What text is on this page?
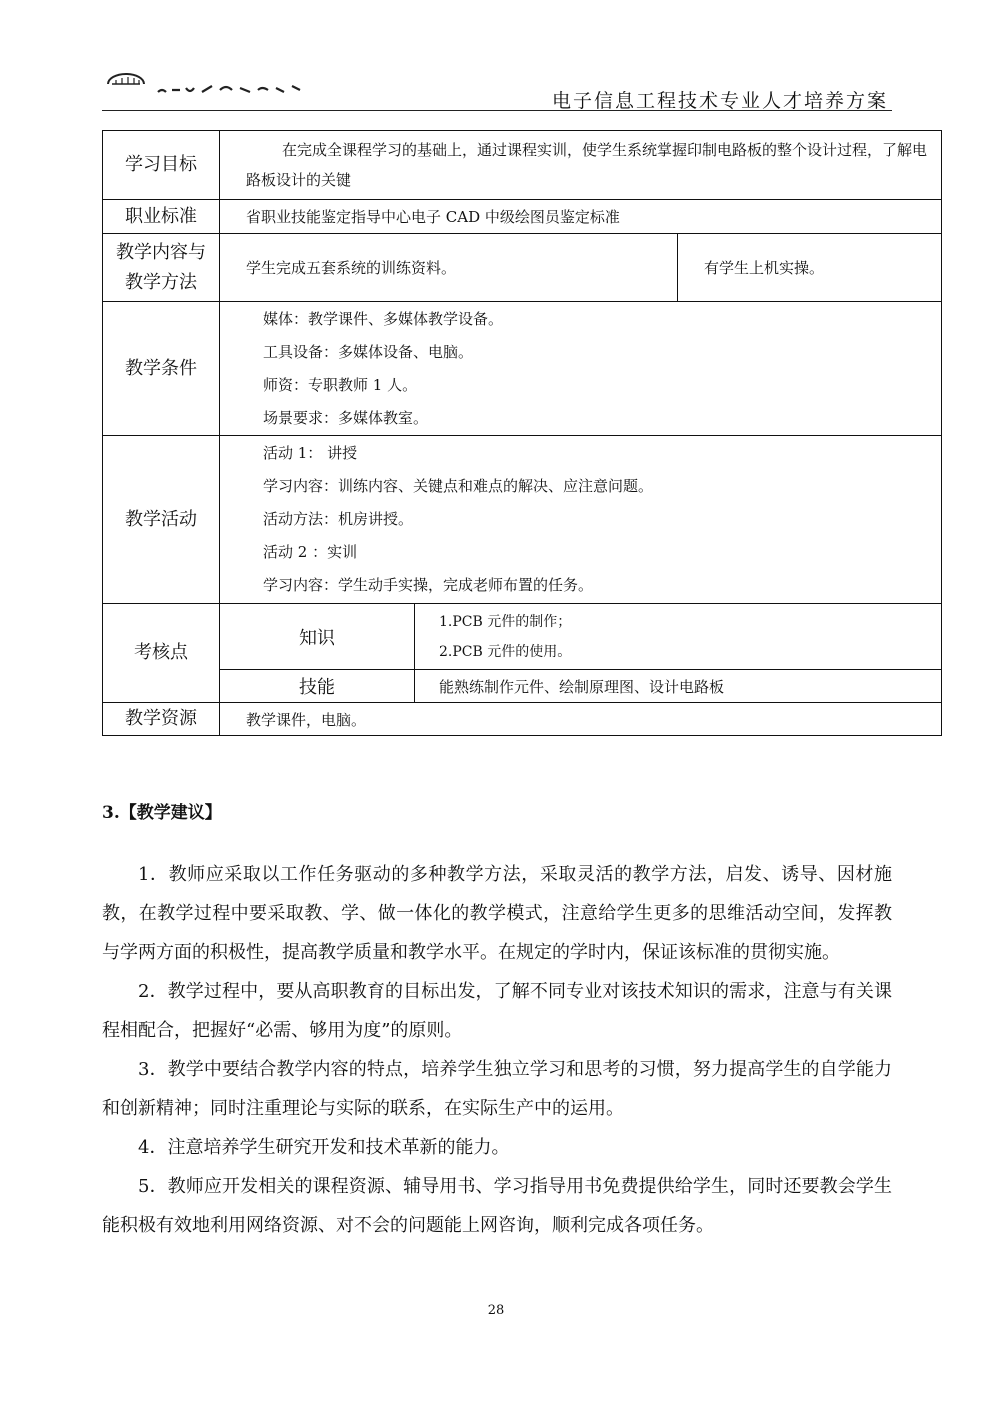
电子信息工程技术专业人才培养方案
学习目标	在完成全课程学习的基础上，通过课程实训，使学生系统掌握印制电路板的整个设计过程，了解电路板设计的关键		

职业标准	省职业技能鉴定指导中心电子 CAD 中级绘图员鉴定标准		

教学内容与
教学方法	学生完成五套系统的训练资料。		有学生上机实操。
教学条件	媒体：教学课件、多媒体教学设备。
工具设备：多媒体设备、电脑。
师资：专职教师 1 人。
场景要求：多媒体教室。		

教学活动	活动 1： 讲授
学习内容：训练内容、关键点和难点的解决、应注意问题。
活动方法：机房讲授。
活动 2 ：实训
学习内容：学生动手实操，完成老师布置的任务。		

考核点	知识	1.PCB 元件的制作；
2.PCB 元件的使用。	

	技能	能熟练制作元件、绘制原理图、设计电路板	
教学资源	教学课件，电脑。		
3.【教学建议】

1．教师应采取以工作任务驱动的多种教学方法，采取灵活的教学方法，启发、诱导、因材施教，在教学过程中要采取教、学、做一体化的教学模式，注意给学生更多的思维活动空间，发挥教与学两方面的积极性，提高教学质量和教学水平。在规定的学时内，保证该标准的贯彻实施。

2．教学过程中，要从高职教育的目标出发，了解不同专业对该技术知识的需求，注意与有关课程相配合，把握好“必需、够用为度”的原则。

3．教学中要结合教学内容的特点，培养学生独立学习和思考的习惯，努力提高学生的自学能力和创新精神；同时注重理论与实际的联系，在实际生产中的运用。

4．注意培养学生研究开发和技术革新的能力。

5．教师应开发相关的课程资源、辅导用书、学习指导用书免费提供给学生，同时还要教会学生能积极有效地利用网络资源、对不会的问题能上网咨询，顺利完成各项任务。

28
